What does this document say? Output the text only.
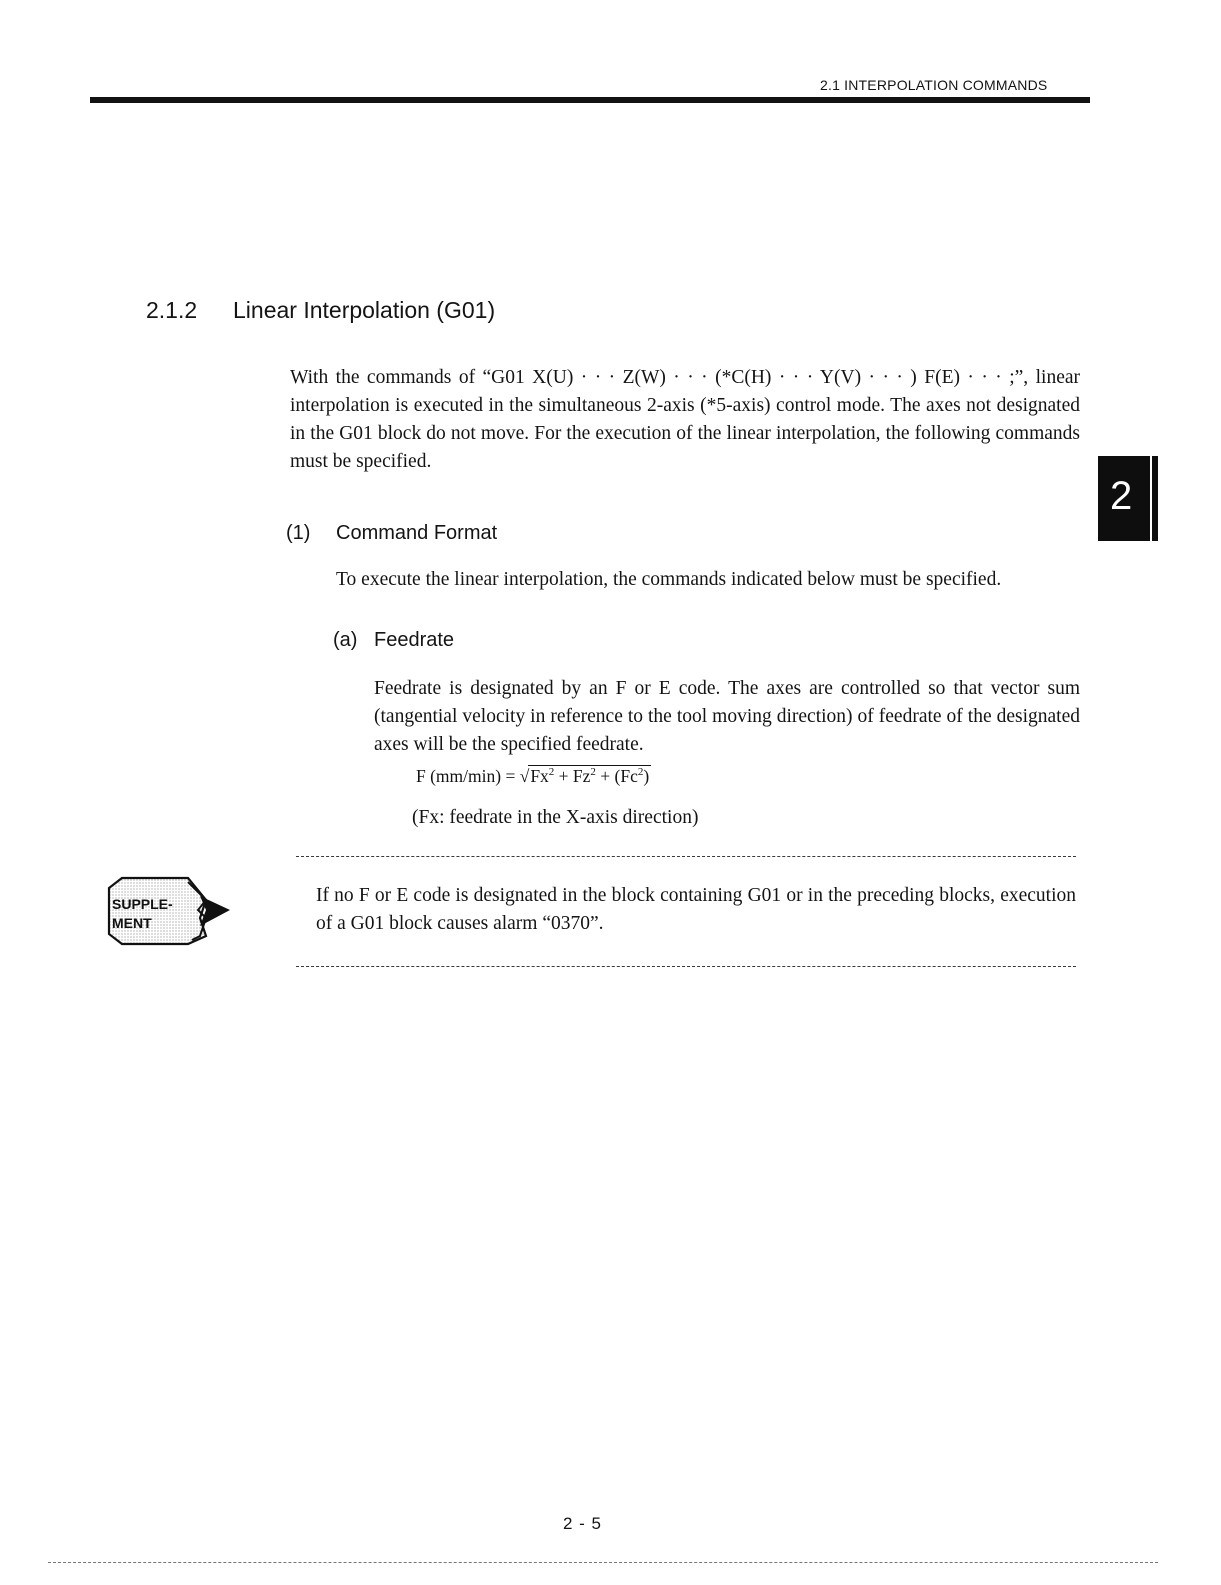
2.1 INTERPOLATION COMMANDS
2.1.2 Linear Interpolation (G01)
With the commands of “G01 X(U) · · · Z(W) · · · (*C(H) · · · Y(V) · · · ) F(E) · · · ;”, linear interpolation is executed in the simultaneous 2-axis (*5-axis) control mode. The axes not designated in the G01 block do not move. For the execution of the linear interpolation, the following commands must be specified.
(1) Command Format
To execute the linear interpolation, the commands indicated below must be specified.
(a) Feedrate
Feedrate is designated by an F or E code. The axes are controlled so that vector sum (tangential velocity in reference to the tool moving direction) of feedrate of the designated axes will be the specified feedrate.
F $(mm/\min) = √Fx^2 + Fz^2 + (Fc^2)$
(Fx: feedrate in the X-axis direction)
SUPPLE-
MENT
If no F or E code is designated in the block containing G01 or in the preceding blocks, execution of a G01 block causes alarm “0370”.
2
2 - 5
